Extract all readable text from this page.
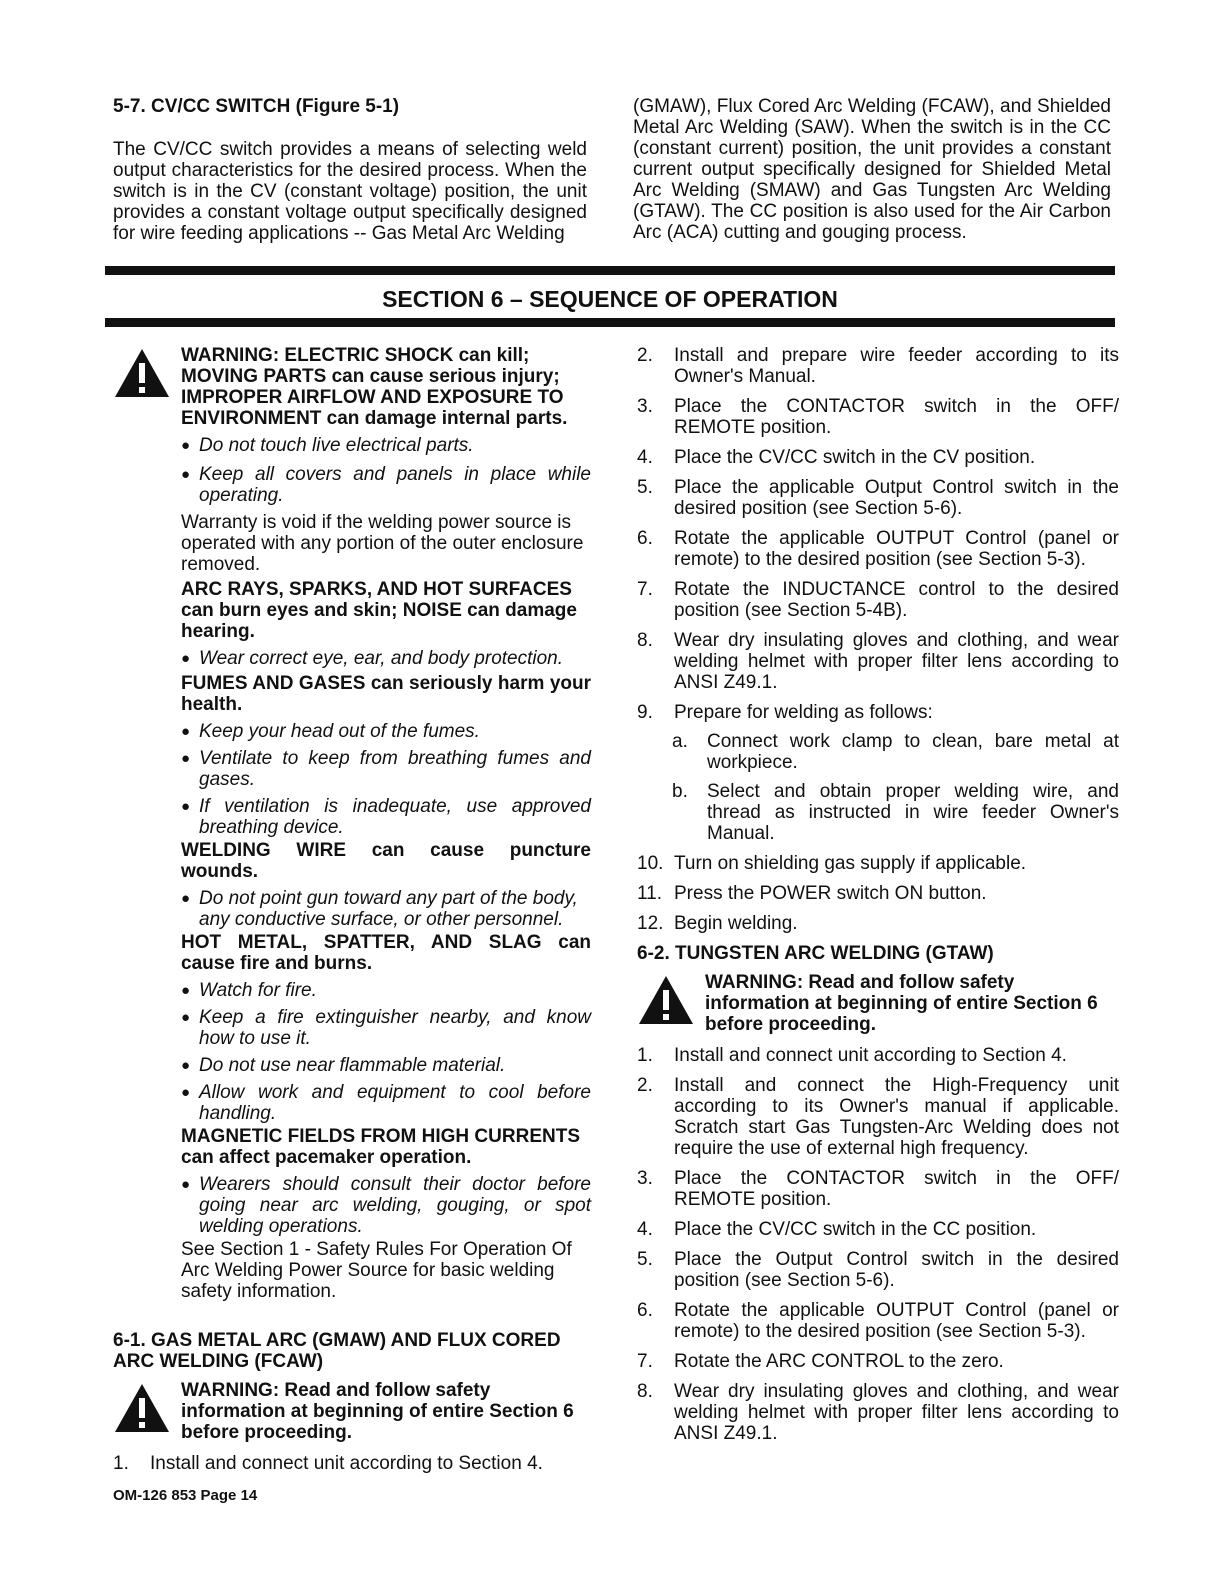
5-7. CV/CC SWITCH (Figure 5-1)

The CV/CC switch provides a means of selecting weld output characteristics for the desired process. When the switch is in the CV (constant voltage) position, the unit provides a constant voltage output specifically designed for wire feeding applications -- Gas Metal Arc Welding

(GMAW), Flux Cored Arc Welding (FCAW), and Shielded Metal Arc Welding (SAW). When the switch is in the CC (constant current) position, the unit provides a constant current output specifically designed for Shielded Metal Arc Welding (SMAW) and Gas Tungsten Arc Welding (GTAW). The CC position is also used for the Air Carbon Arc (ACA) cutting and gouging process.

SECTION 6 – SEQUENCE OF OPERATION

WARNING: ELECTRIC SHOCK can kill; MOVING PARTS can cause serious injury; IMPROPER AIRFLOW AND EXPOSURE TO ENVIRONMENT can damage internal parts.

● Do not touch live electrical parts.

● Keep all covers and panels in place while operating.

Warranty is void if the welding power source is operated with any portion of the outer enclosure removed.

ARC RAYS, SPARKS, AND HOT SURFACES can burn eyes and skin; NOISE can damage hearing.

● Wear correct eye, ear, and body protection.

FUMES AND GASES can seriously harm your health.

● Keep your head out of the fumes.

● Ventilate to keep from breathing fumes and gases.

● If ventilation is inadequate, use approved breathing device.

WELDING WIRE can cause puncture wounds.

● Do not point gun toward any part of the body, any conductive surface, or other personnel.

HOT METAL, SPATTER, AND SLAG can cause fire and burns.

● Watch for fire.

● Keep a fire extinguisher nearby, and know how to use it.

● Do not use near flammable material.

● Allow work and equipment to cool before handling.

MAGNETIC FIELDS FROM HIGH CURRENTS can affect pacemaker operation.

● Wearers should consult their doctor before going near arc welding, gouging, or spot welding operations.

See Section 1 - Safety Rules For Operation Of Arc Welding Power Source for basic welding safety information.

6-1. GAS METAL ARC (GMAW) AND FLUX CORED ARC WELDING (FCAW)

WARNING: Read and follow safety information at beginning of entire Section 6 before proceeding.

1. Install and connect unit according to Section 4.

2. Install and prepare wire feeder according to its Owner's Manual.

3. Place the CONTACTOR switch in the OFF/ REMOTE position.

4. Place the CV/CC switch in the CV position.

5. Place the applicable Output Control switch in the desired position (see Section 5-6).

6. Rotate the applicable OUTPUT Control (panel or remote) to the desired position (see Section 5-3).

7. Rotate the INDUCTANCE control to the desired position (see Section 5-4B).

8. Wear dry insulating gloves and clothing, and wear welding helmet with proper filter lens according to ANSI Z49.1.

9. Prepare for welding as follows:

a. Connect work clamp to clean, bare metal at workpiece.

b. Select and obtain proper welding wire, and thread as instructed in wire feeder Owner's Manual.

10. Turn on shielding gas supply if applicable.

11. Press the POWER switch ON button.

12. Begin welding.

6-2. TUNGSTEN ARC WELDING (GTAW)

WARNING: Read and follow safety information at beginning of entire Section 6 before proceeding.

1. Install and connect unit according to Section 4.

2. Install and connect the High-Frequency unit according to its Owner's manual if applicable. Scratch start Gas Tungsten-Arc Welding does not require the use of external high frequency.

3. Place the CONTACTOR switch in the OFF/ REMOTE position.

4. Place the CV/CC switch in the CC position.

5. Place the Output Control switch in the desired position (see Section 5-6).

6. Rotate the applicable OUTPUT Control (panel or remote) to the desired position (see Section 5-3).

7. Rotate the ARC CONTROL to the zero.

8. Wear dry insulating gloves and clothing, and wear welding helmet with proper filter lens according to ANSI Z49.1.

OM-126 853 Page 14
